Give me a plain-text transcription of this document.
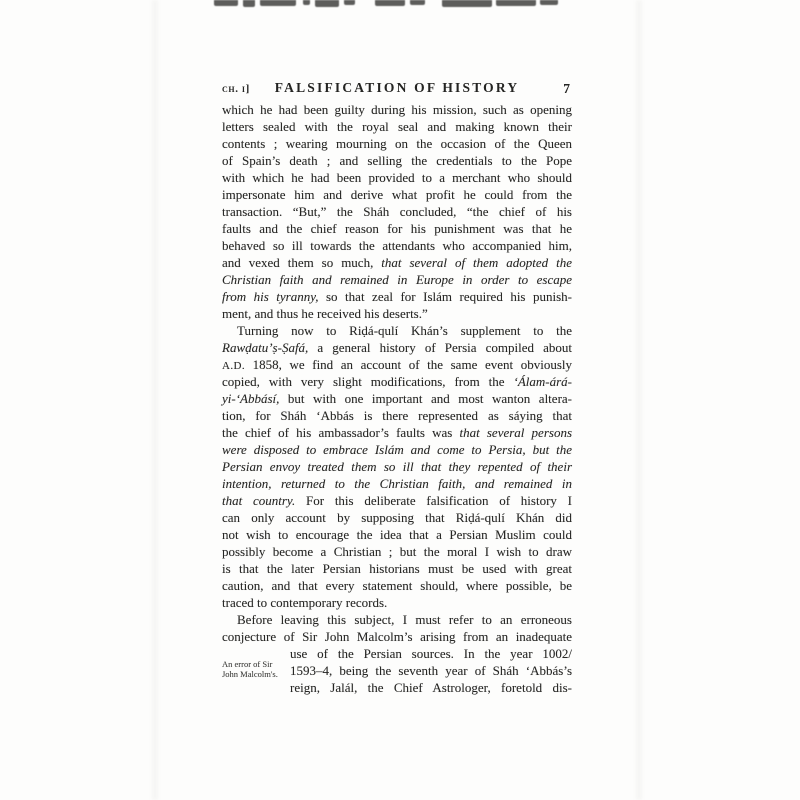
ch. i]	FALSIFICATION OF HISTORY	7
which he had been guilty during his mission, such as opening
letters sealed with the royal seal and making known their
contents ; wearing mourning on the occasion of the Queen
of Spain’s death ; and selling the credentials to the Pope
with which he had been provided to a merchant who should
impersonate him and derive what profit he could from the
transaction. “But,” the Sháh concluded, “the chief of his
faults and the chief reason for his punishment was that he
behaved so ill towards the attendants who accompanied him,
and vexed them so much, that several of them adopted the
Christian faith and remained in Europe in order to escape
from his tyranny, so that zeal for Islám required his punish-
ment, and thus he received his deserts.”
Turning now to Riḍá-qulí Khán’s supplement to the
Rawḍatu’ṣ-Ṣafá, a general history of Persia compiled about
A.D. 1858, we find an account of the same event obviously
copied, with very slight modifications, from the ‘Álam-árá-
yi-‘Abbásí, but with one important and most wanton altera-
tion, for Sháh ‘Abbás is there represented as sáying that
the chief of his ambassador’s faults was that several persons
were disposed to embrace Islám and come to Persia, but the
Persian envoy treated them so ill that they repented of their
intention, returned to the Christian faith, and remained in
that country. For this deliberate falsification of history I
can only account by supposing that Riḍá-qulí Khán did
not wish to encourage the idea that a Persian Muslim could
possibly become a Christian ; but the moral I wish to draw
is that the later Persian historians must be used with great
caution, and that every statement should, where possible, be
traced to contemporary records.
Before leaving this subject, I must refer to an erroneous
conjecture of Sir John Malcolm’s arising from an inadequate
use of the Persian sources. In the year 1002/
1593–4, being the seventh year of Sháh ‘Abbás’s
reign, Jalál, the Chief Astrologer, foretold dis-
An error of Sir
John Malcolm's.
